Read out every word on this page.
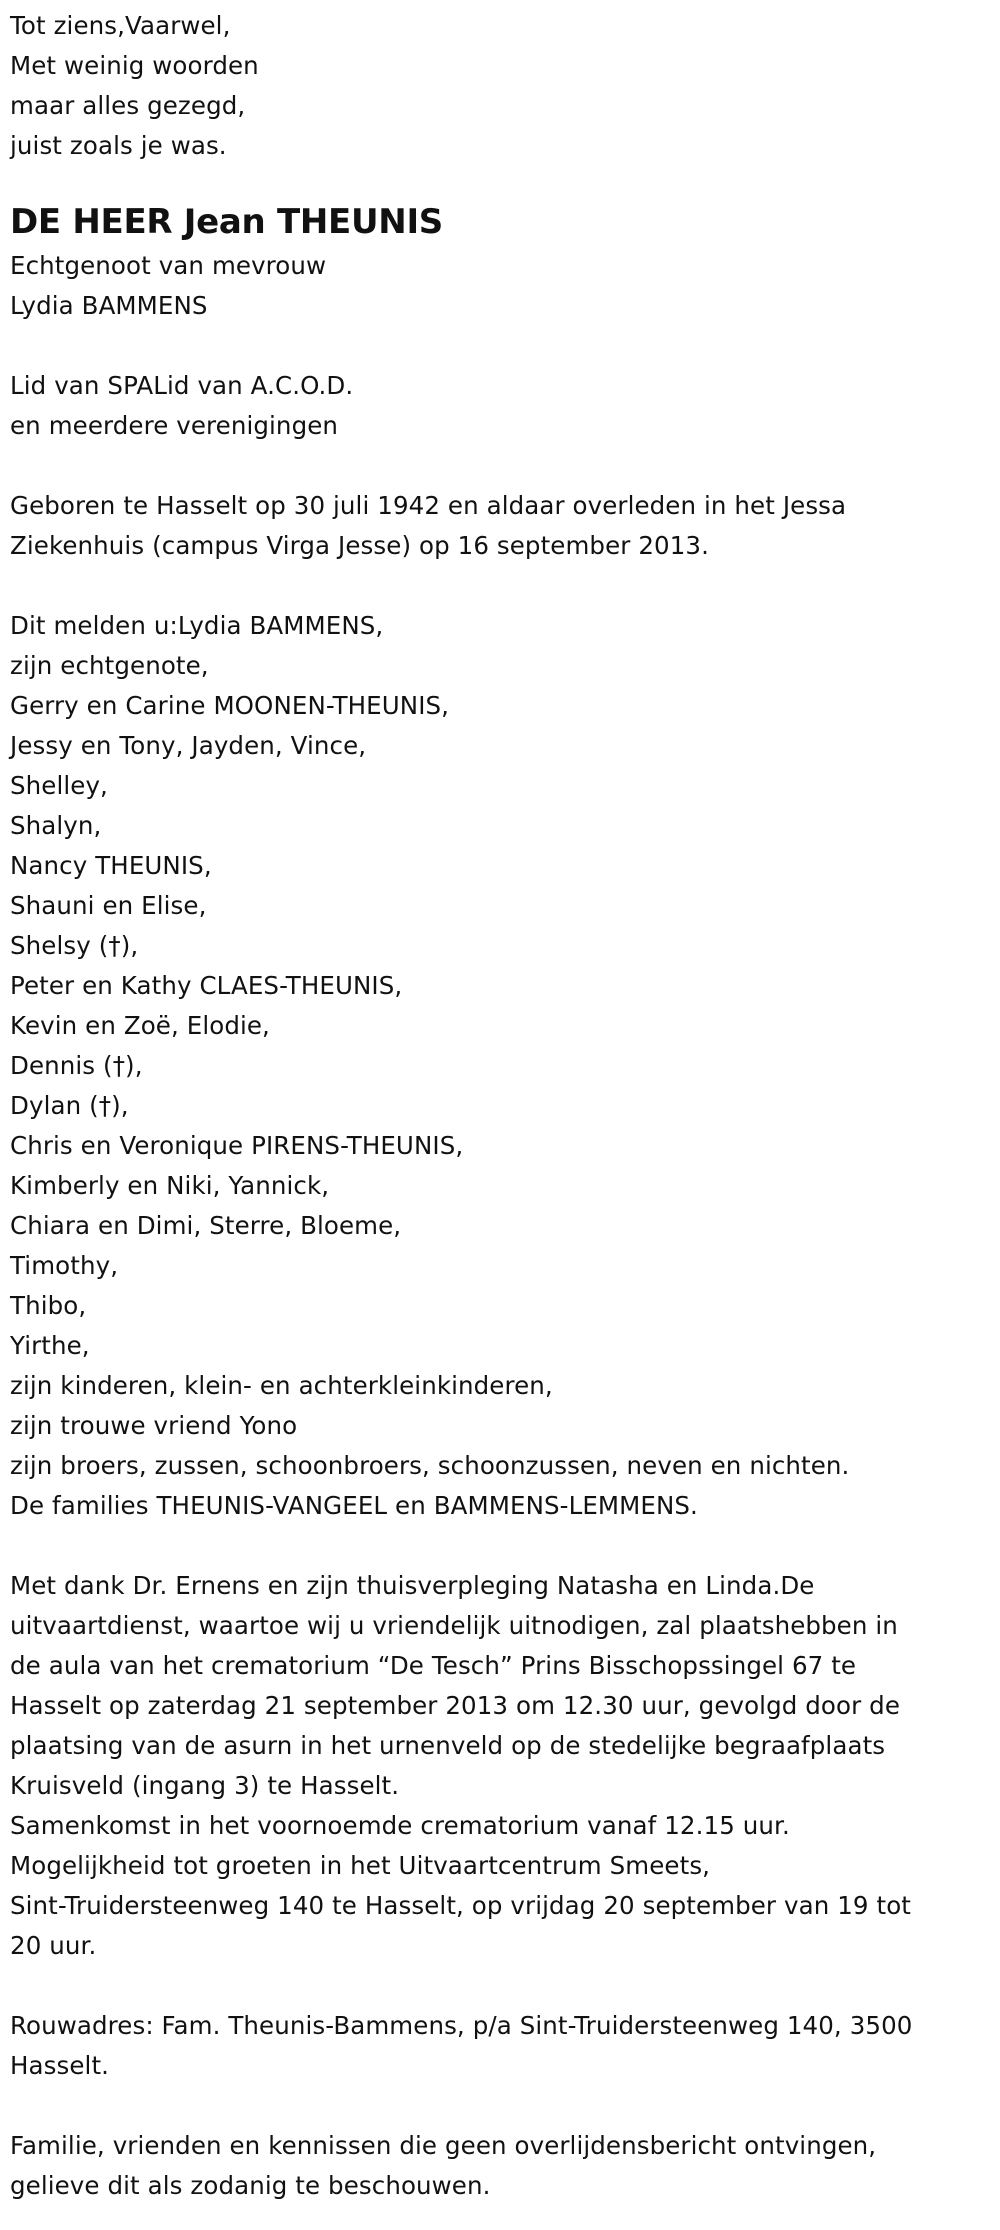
Tot ziens,Vaarwel,
Met weinig woorden
maar alles gezegd,
juist zoals je was.
DE HEER Jean THEUNIS
Echtgenoot van mevrouw
Lydia BAMMENS
Lid van SPALid van A.C.O.D.
en meerdere verenigingen
Geboren te Hasselt op 30 juli 1942 en aldaar overleden in het Jessa
Ziekenhuis (campus Virga Jesse) op 16 september 2013.
Dit melden u:Lydia BAMMENS,
zijn echtgenote,
Gerry en Carine MOONEN-THEUNIS,
Jessy en Tony, Jayden, Vince,
Shelley,
Shalyn,
Nancy THEUNIS,
Shauni en Elise,
Shelsy (†),
Peter en Kathy CLAES-THEUNIS,
Kevin en Zoë, Elodie,
Dennis (†),
Dylan (†),
Chris en Veronique PIRENS-THEUNIS,
Kimberly en Niki, Yannick,
Chiara en Dimi, Sterre, Bloeme,
Timothy,
Thibo,
Yirthe,
zijn kinderen, klein- en achterkleinkinderen,
zijn trouwe vriend Yono
zijn broers, zussen, schoonbroers, schoonzussen, neven en nichten.
De families THEUNIS-VANGEEL en BAMMENS-LEMMENS.
Met dank Dr. Ernens en zijn thuisverpleging Natasha en Linda.De
uitvaartdienst, waartoe wij u vriendelijk uitnodigen, zal plaatshebben in
de aula van het crematorium “De Tesch” Prins Bisschopssingel 67 te
Hasselt op zaterdag 21 september 2013 om 12.30 uur, gevolgd door de
plaatsing van de asurn in het urnenveld op de stedelijke begraafplaats
Kruisveld (ingang 3) te Hasselt.
Samenkomst in het voornoemde crematorium vanaf 12.15 uur.
Mogelijkheid tot groeten in het Uitvaartcentrum Smeets,
Sint-Truidersteenweg 140 te Hasselt, op vrijdag 20 september van 19 tot
20 uur.
Rouwadres: Fam. Theunis-Bammens, p/a Sint-Truidersteenweg 140, 3500
Hasselt.
Familie, vrienden en kennissen die geen overlijdensbericht ontvingen,
gelieve dit als zodanig te beschouwen.
